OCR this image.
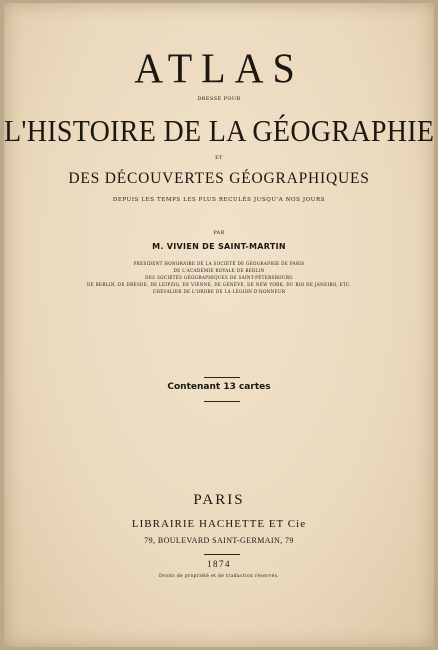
ATLAS
DRESSÉ POUR
L'HISTOIRE DE LA GÉOGRAPHIE
ET
DES DÉCOUVERTES GÉOGRAPHIQUES
DEPUIS LES TEMPS LES PLUS RECULÉS JUSQU'A NOS JOURS
PAR
M. VIVIEN DE SAINT-MARTIN
PRÉSIDENT HONORAIRE DE LA SOCIÉTÉ DE GÉOGRAPHIE DE PARIS
DE L'ACADÉMIE ROYALE DE BERLIN
DES SOCIÉTÉS GÉOGRAPHIQUES DE SAINT-PÉTERSBOURG
DE BERLIN, DE DRESDE, DE LEIPZIG, DE VIENNE, DE GENÈVE, DE NEW YORK, DU RIO DE JANEIRO, ETC.
CHEVALIER DE L'ORDRE DE LA LÉGION D'HONNEUR
Contenant 13 cartes
PARIS
LIBRAIRIE HACHETTE ET Cie
79, BOULEVARD SAINT-GERMAIN, 79
1874
Droits de propriété et de traduction réservés.
